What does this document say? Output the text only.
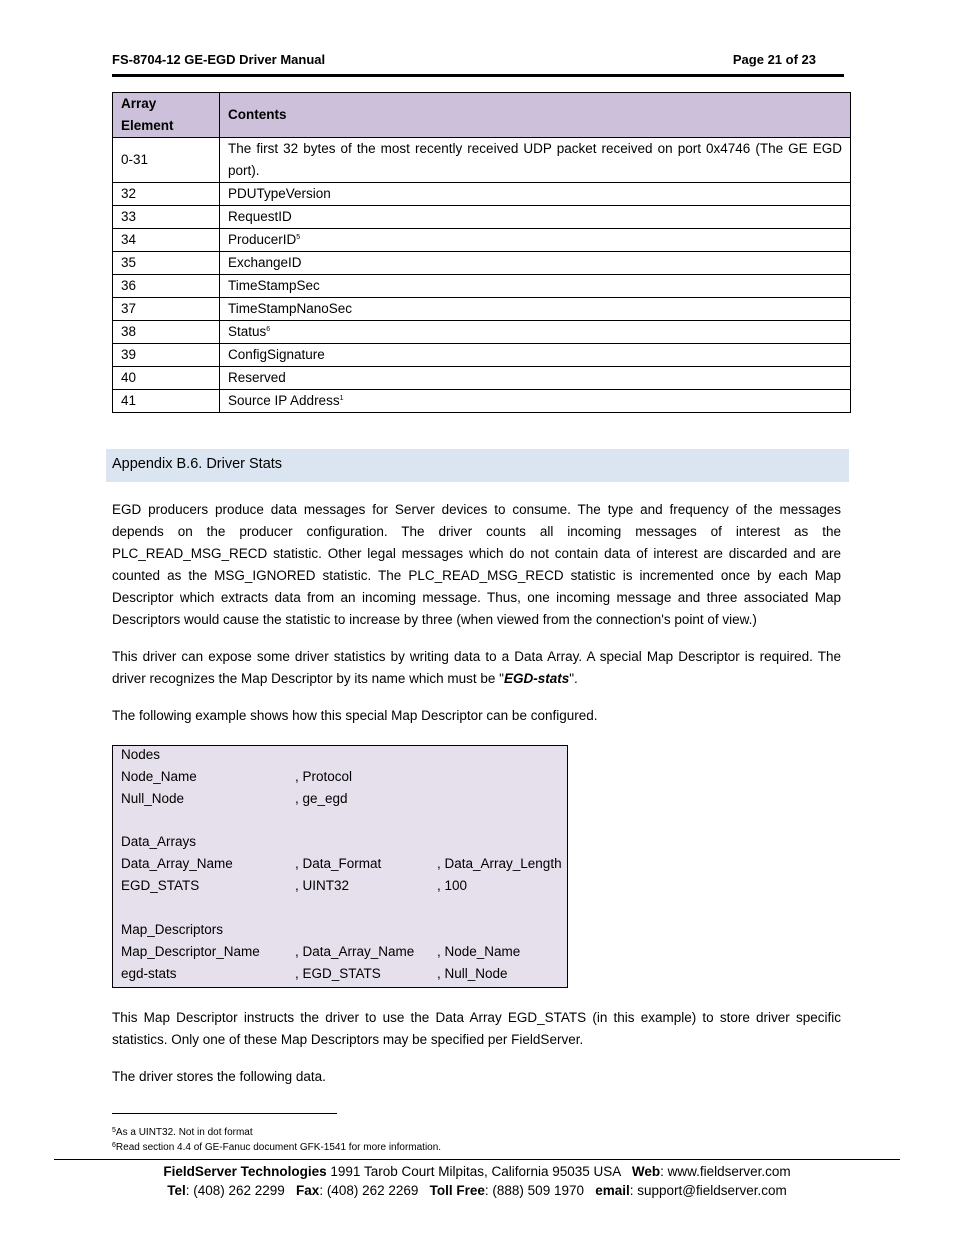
FS-8704-12 GE-EGD Driver Manual	Page 21 of 23
Array Element	Contents
0-31	The first 32 bytes of the most recently received UDP packet received on port 0x4746 (The GE EGD port).
32	PDUTypeVersion
33	RequestID
34	ProducerID$^5$
35	ExchangeID
36	TimeStampSec
37	TimeStampNanoSec
38	Status$^6$
39	ConfigSignature
40	Reserved
41	Source IP Address$^1$
Appendix B.6. Driver Stats

EGD producers produce data messages for Server devices to consume. The type and frequency of the messages depends on the producer configuration. The driver counts all incoming messages of interest as the PLC_READ_MSG_RECD statistic. Other legal messages which do not contain data of interest are discarded and are counted as the MSG_IGNORED statistic. The PLC_READ_MSG_RECD statistic is incremented once by each Map Descriptor which extracts data from an incoming message. Thus, one incoming message and three associated Map Descriptors would cause the statistic to increase by three (when viewed from the connection's point of view.)

This driver can expose some driver statistics by writing data to a Data Array. A special Map Descriptor is required. The driver recognizes the Map Descriptor by its name which must be "EGD-stats".

The following example shows how this special Map Descriptor can be configured.

Nodes
Node_Name	, Protocol
Null_Node	, ge_egd
Data_Arrays
Data_Array_Name	, Data_Format	, Data_Array_Length
EGD_STATS	, UINT32	, 100
Map_Descriptors
Map_Descriptor_Name	, Data_Array_Name , Node_Name
egd-stats	, EGD_STATS	, Null_Node

This Map Descriptor instructs the driver to use the Data Array EGD_STATS (in this example) to store driver specific statistics. Only one of these Map Descriptors may be specified per FieldServer.

The driver stores the following data.

$^5$As a UINT32. Not in dot format
$^6$Read section 4.4 of GE-Fanuc document GFK-1541 for more information.
FieldServer Technologies 1991 Tarob Court Milpitas, California 95035 USA   Web: www.fieldserver.com
Tel: (408) 262 2299   Fax: (408) 262 2269   Toll Free: (888) 509 1970   email: support@fieldserver.com
